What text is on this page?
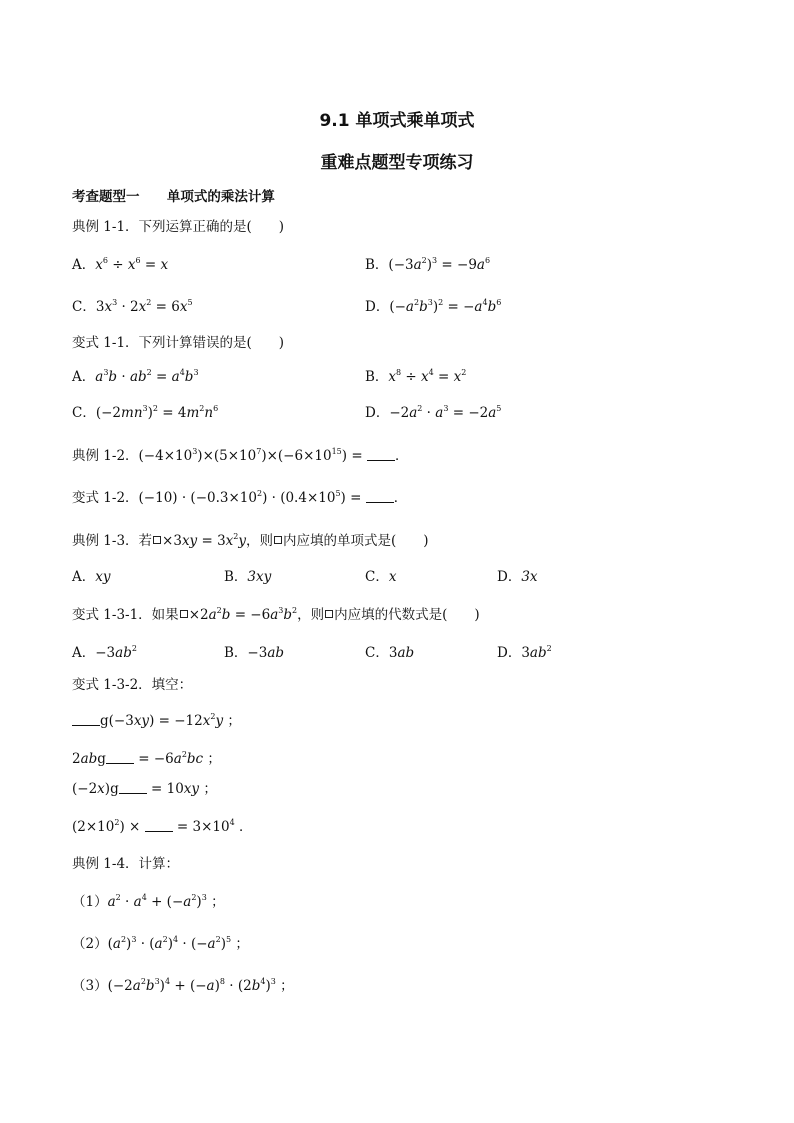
9.1 单项式乘单项式
重难点题型专项练习
考查题型一 单项式的乘法计算
典例 1-1．下列运算正确的是(　　)
A．$x^6 \div x^6 = x$	B．$(-3a^2)^3 = -9a^6$
C．$3x^3 \cdot 2x^2 = 6x^5$	D．$(-a^2b^3)^2 = -a^4b^6$
变式 1-1．下列计算错误的是(　　)
A．$a^3b \cdot ab^2 = a^4b^3$	B．$x^8 \div x^4 = x^2$
C．$(-2mn^3)^2 = 4m^2n^6$	D．$-2a^2 \cdot a^3 = -2a^5$
典例 1-2．$(-4\times 10^3)\times(5\times 10^7)\times(-6\times 10^{15})$ = ．
变式 1-2．$(-10) \cdot (-0.3\times 10^2) \cdot (0.4\times 10^5)$ = ．
典例 1-3．若 $\times 3xy = 3x^2y$，则 内应填的单项式是(　　)
A．xy	B．3xy	C．x	D．3x
变式 1-3-1．如果 $\times 2a^2b = -6a^3b^2$，则 内应填的代数式是(　　)
A．$-3ab^2$	B．−3ab	C．3ab	D．$3ab^2$
变式 1-3-2．填空：
$g(-3xy) = -12x^2y$ ；
$2abg = -6a^2bc$ ；
(−2x)g = 10xy ；
$(2\times 10^2)$ ×  = $3\times 10^4$ ．
典例 1-4．计算：
$(1)a^2 \cdot a^4 + (-a^2)^3$ ；
$(2)(a^2)^3 \cdot (a^2)^4 \cdot (-a^2)^5$ ；
$(3)(-2a^2b^3)^4 + (-a)^8 \cdot (2b^4)^3$ ；
